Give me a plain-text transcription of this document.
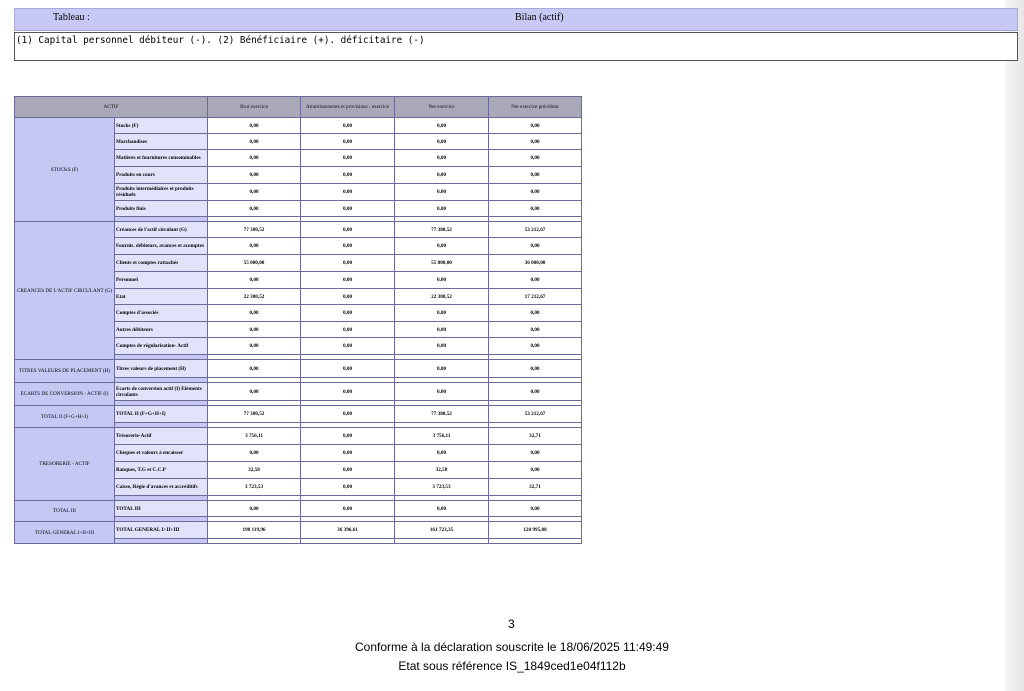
Tableau :	Bilan (actif)
(1) Capital personnel débiteur (-). (2) Bénéficiaire (+). déficitaire (-)
ACTIF		Brut exercice	Amortissements et provisions : exercice	Net exercice	Net exercice précédent
STOCKS (F)	Stocks (F)	0,00	0,00	0,00	0,00
	Marchandises	0,00	0,00	0,00	0,00
	Matières et fournitures consommables	0,00	0,00	0,00	0,00
	Produits en cours	0,00	0,00	0,00	0,00
	Produits intermédiaires et produits résiduels	0,00	0,00	0,00	0,00
	Produits finis	0,00	0,00	0,00	0,00

CREANCES DE L'ACTIF CIRCULANT (G)	Créances de l'actif circulant (G)	77 380,52	0,00	77 380,52	53 212,67
	Fournis. débiteurs, avances et acomptes	0,00	0,00	0,00	0,00
	Clients et comptes rattachés	55 000,00	0,00	55 000,00	36 000,00
	Personnel	0,00	0,00	0,00	0,00
	Etat	22 380,52	0,00	22 380,52	17 212,67
	Comptes d'associés	0,00	0,00	0,00	0,00
	Autres débiteurs	0,00	0,00	0,00	0,00
	Comptes de régularisation- Actif	0,00	0,00	0,00	0,00

TITRES VALEURS DE PLACEMENT (H)	Titres valeurs de placement (H)	0,00	0,00	0,00	0,00

ECARTS DE CONVERSION - ACTIF (I)	Ecarts de conversion actif (I) Eléments circulants	0,00	0,00	0,00	0,00

TOTAL II (F+G+H+I)	TOTAL II (F+G+H+I)	77 380,52	0,00	77 380,52	53 212,67

TRESORERIE - ACTIF	Trésorerie-Actif	3 756,11	0,00	3 756,11	32,71
	Chèques et valeurs à encaisser	0,00	0,00	0,00	0,00
	Banques, T.G et C.C.P	32,58	0,00	32,58	0,00
	Caisse, Régie d'avances et accréditifs	3 723,53	0,00	3 723,53	32,71

TOTAL III	TOTAL III	0,00	0,00	0,00	0,00

TOTAL GENERAL I+II+III	TOTAL GENERAL I+II+III	198 119,96	36 396,61	161 723,35	120 995,88

3
Conforme à la déclaration souscrite le 18/06/2025 11:49:49
Etat sous référence IS_1849ced1e04f112b
